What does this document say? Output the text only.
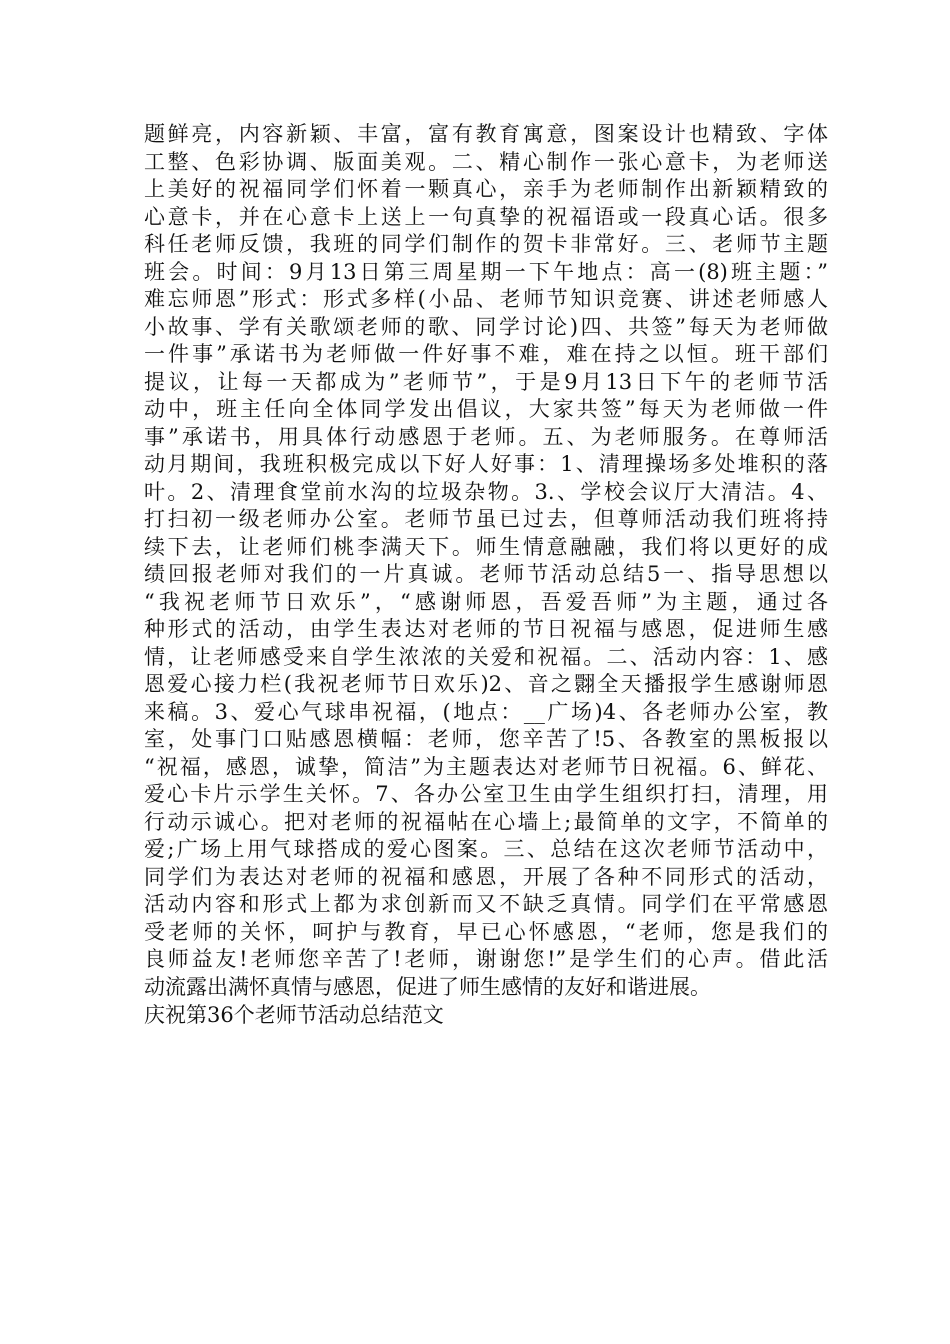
题鲜亮，内容新颖、丰富，富有教育寓意，图案设计也精致、字体
工整、色彩协调、版面美观。二、精心制作一张心意卡，为老师送
上美好的祝福同学们怀着一颗真心，亲手为老师制作出新颖精致的
心意卡，并在心意卡上送上一句真挚的祝福语或一段真心话。很多
科任老师反馈，我班的同学们制作的贺卡非常好。三、老师节主题
班会。时间：9月13日第三周星期一下午地点：高一(8)班主题：”
难忘师恩”形式：形式多样(小品、老师节知识竞赛、讲述老师感人
小故事、学有关歌颂老师的歌、同学讨论)四、共签”每天为老师做
一件事”承诺书为老师做一件好事不难，难在持之以恒。班干部们
提议，让每一天都成为”老师节”，于是9月13日下午的老师节活
动中，班主任向全体同学发出倡议，大家共签”每天为老师做一件
事”承诺书，用具体行动感恩于老师。五、为老师服务。在尊师活
动月期间，我班积极完成以下好人好事：1、清理操场多处堆积的落
叶。2、清理食堂前水沟的垃圾杂物。3.、学校会议厅大清洁。4、
打扫初一级老师办公室。老师节虽已过去，但尊师活动我们班将持
续下去，让老师们桃李满天下。师生情意融融，我们将以更好的成
绩回报老师对我们的一片真诚。老师节活动总结5一、指导思想以
“我祝老师节日欢乐”，“感谢师恩，吾爱吾师”为主题，通过各
种形式的活动，由学生表达对老师的节日祝福与感恩，促进师生感
情，让老师感受来自学生浓浓的关爱和祝福。二、活动内容：1、感
恩爱心接力栏(我祝老师节日欢乐)2、音之翾全天播报学生感谢师恩
来稿。3、爱心气球串祝福，(地点：__广场)4、各老师办公室，教
室，处事门口贴感恩横幅：老师，您辛苦了!5、各教室的黑板报以
“祝福，感恩，诚挚，简洁”为主题表达对老师节日祝福。6、鲜花、
爱心卡片示学生关怀。7、各办公室卫生由学生组织打扫，清理，用
行动示诚心。把对老师的祝福帖在心墙上;最简单的文字，不简单的
爱;广场上用气球搭成的爱心图案。三、总结在这次老师节活动中，
同学们为表达对老师的祝福和感恩，开展了各种不同形式的活动，
活动内容和形式上都为求创新而又不缺乏真情。同学们在平常感恩
受老师的关怀，呵护与教育，早已心怀感恩，“老师，您是我们的
良师益友!老师您辛苦了!老师，谢谢您!”是学生们的心声。借此活
动流露出满怀真情与感恩，促进了师生感情的友好和谐进展。
庆祝第36个老师节活动总结范文
